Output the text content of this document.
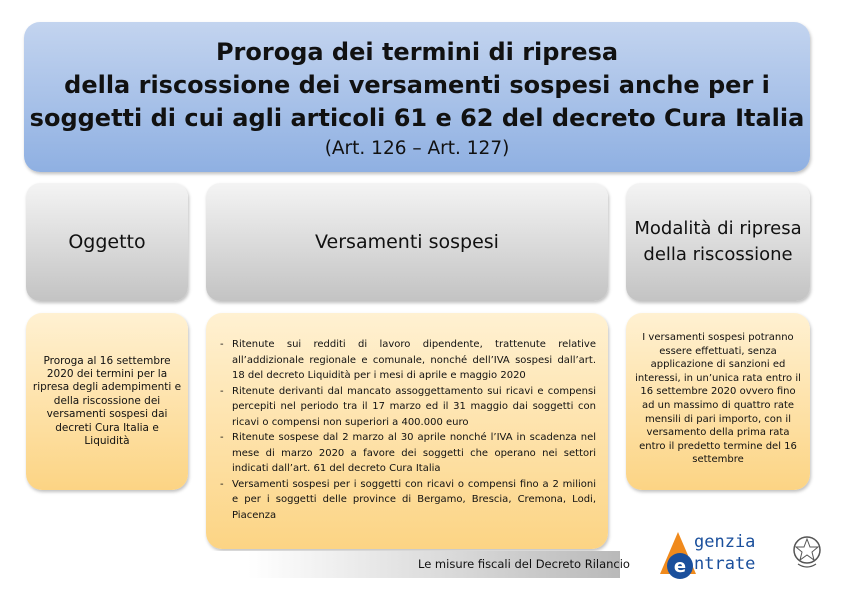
Proroga dei termini di ripresa
della riscossione dei versamenti sospesi anche per i
soggetti di cui agli articoli 61 e 62 del decreto Cura Italia
(Art. 126 – Art. 127)
Oggetto	Versamenti sospesi
Modalità di ripresa della riscossione
Proroga al 16 settembre 2020 dei termini per la ripresa degli adempimenti e della riscossione dei versamenti sospesi dai decreti Cura Italia e Liquidità
- Ritenute sui redditi di lavoro dipendente, trattenute relative all’addizionale regionale e comunale, nonché dell’IVA sospesi dall’art. 18 del decreto Liquidità per i mesi di aprile e maggio 2020
- Ritenute derivanti dal mancato assoggettamento sui ricavi e compensi percepiti nel periodo tra il 17 marzo ed il 31 maggio dai soggetti con ricavi o compensi non superiori a 400.000 euro
- Ritenute sospese dal 2 marzo al 30 aprile nonché l’IVA in scadenza nel mese di marzo 2020 a favore dei soggetti che operano nei settori indicati dall’art. 61 del decreto Cura Italia
- Versamenti sospesi per i soggetti con ricavi o compensi fino a 2 milioni e per i soggetti delle province di Bergamo, Brescia, Cremona, Lodi, Piacenza
I versamenti sospesi potranno essere effettuati, senza applicazione di sanzioni ed interessi, in un’unica rata entro il 16 settembre 2020 ovvero fino ad un massimo di quattro rate mensili di pari importo, con il versamento della prima rata entro il predetto termine del 16 settembre
Le misure fiscali del Decreto Rilancio e
genzia
ntrate
